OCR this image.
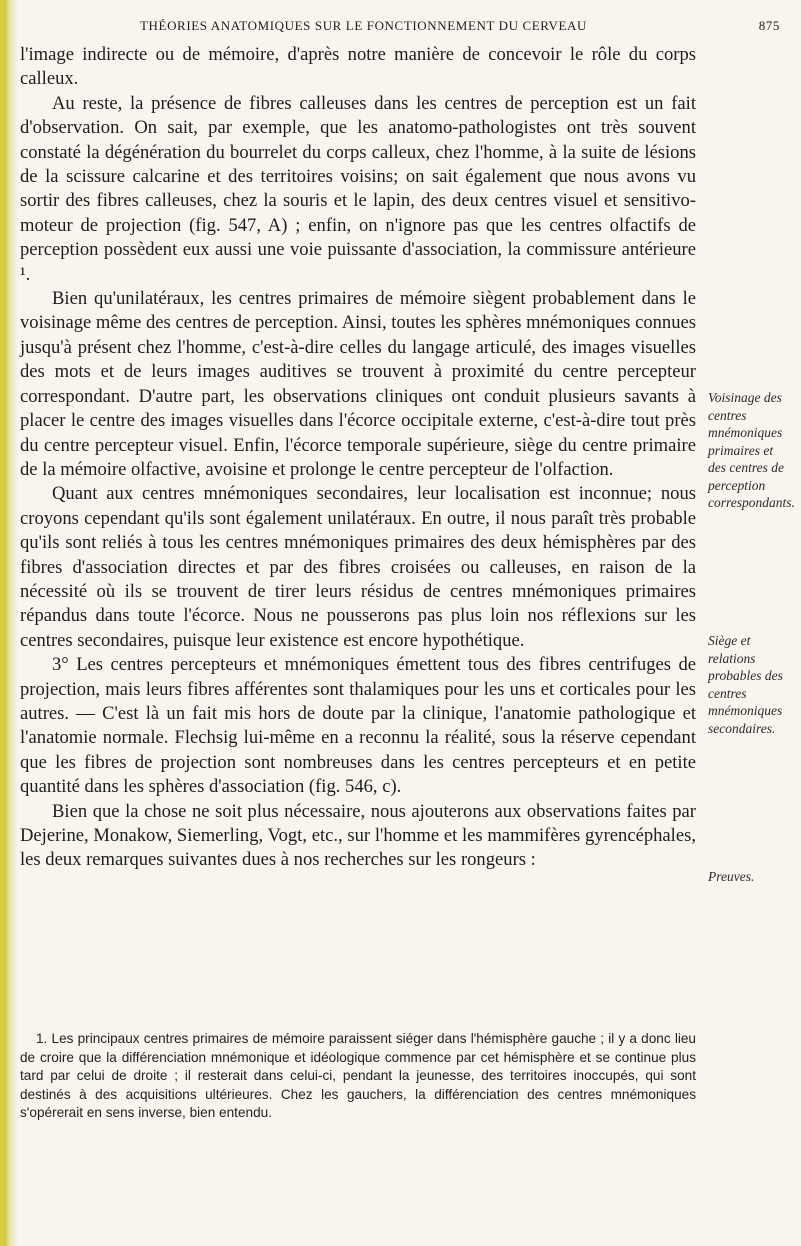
THÉORIES ANATOMIQUES SUR LE FONCTIONNEMENT DU CERVEAU	875

l'image indirecte ou de mémoire, d'après notre manière de concevoir le rôle du corps calleux.

Au reste, la présence de fibres calleuses dans les centres de perception est un fait d'observation. On sait, par exemple, que les anatomo-pathologistes ont très souvent constaté la dégénération du bourrelet du corps calleux, chez l'homme, à la suite de lésions de la scissure calcarine et des territoires voisins; on sait également que nous avons vu sortir des fibres calleuses, chez la souris et le lapin, des deux centres visuel et sensitivo-moteur de projection (fig. 547, A) ; enfin, on n'ignore pas que les centres olfactifs de perception possèdent eux aussi une voie puissante d'association, la commissure antérieure ¹.

Bien qu'unilatéraux, les centres primaires de mémoire siègent probablement dans le voisinage même des centres de perception. Ainsi, toutes les sphères mnémoniques connues jusqu'à présent chez l'homme, c'est-à-dire celles du langage articulé, des images visuelles des mots et de leurs images auditives se trouvent à proximité du centre percepteur correspondant. D'autre part, les observations cliniques ont conduit plusieurs savants à placer le centre des images visuelles dans l'écorce occipitale externe, c'est-à-dire tout près du centre percepteur visuel. Enfin, l'écorce temporale supérieure, siège du centre primaire de la mémoire olfactive, avoisine et prolonge le centre percepteur de l'olfaction.

Quant aux centres mnémoniques secondaires, leur localisation est inconnue; nous croyons cependant qu'ils sont également unilatéraux. En outre, il nous paraît très probable qu'ils sont reliés à tous les centres mnémoniques primaires des deux hémisphères par des fibres d'association directes et par des fibres croisées ou calleuses, en raison de la nécessité où ils se trouvent de tirer leurs résidus de centres mnémoniques primaires répandus dans toute l'écorce. Nous ne pousserons pas plus loin nos réflexions sur les centres secondaires, puisque leur existence est encore hypothétique.

3° Les centres percepteurs et mnémoniques émettent tous des fibres centrifuges de projection, mais leurs fibres afférentes sont thalamiques pour les uns et corticales pour les autres. — C'est là un fait mis hors de doute par la clinique, l'anatomie pathologique et l'anatomie normale. Flechsig lui-même en a reconnu la réalité, sous la réserve cependant que les fibres de projection sont nombreuses dans les centres percepteurs et en petite quantité dans les sphères d'association (fig. 546, c).

Bien que la chose ne soit plus nécessaire, nous ajouterons aux observations faites par Dejerine, Monakow, Siemerling, Vogt, etc., sur l'homme et les mammifères gyrencéphales, les deux remarques suivantes dues à nos recherches sur les rongeurs :

Voisinage des centres mnémoniques primaires et des centres de perception correspondants.
Siège et relations probables des centres mnémoniques secondaires.
Preuves.

1. Les principaux centres primaires de mémoire paraissent siéger dans l'hémisphère gauche ; il y a donc lieu de croire que la différenciation mnémonique et idéologique commence par cet hémisphère et se continue plus tard par celui de droite ; il resterait dans celui-ci, pendant la jeunesse, des territoires inoccupés, qui sont destinés à des acquisitions ultérieures. Chez les gauchers, la différenciation des centres mnémoniques s'opérerait en sens inverse, bien entendu.
